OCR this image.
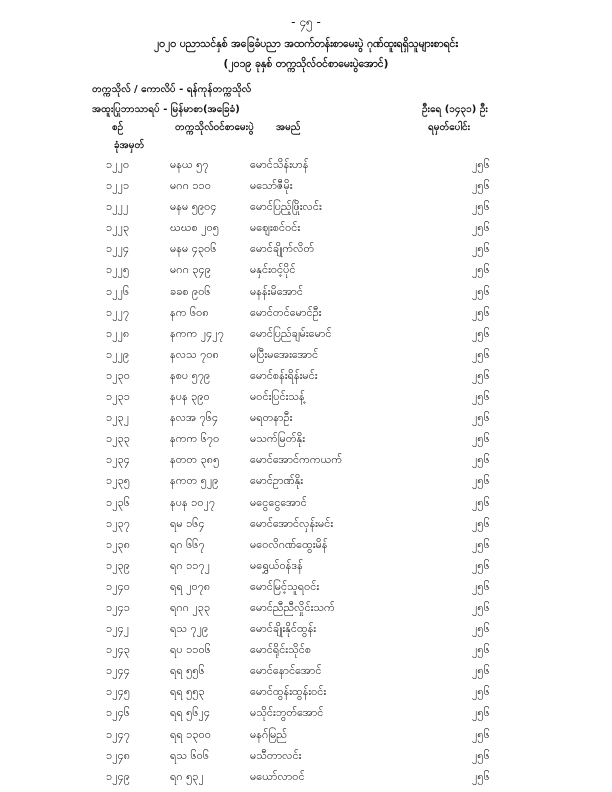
- ၄၅ -
၂၀၂၀ ပညာသင်နှစ် အခြေခံပညာ အထက်တန်းစာမေးပွဲ ဂုဏ်ထူးရရှိသူများစာရင်း
(၂၀၁၉ ခုနှစ် တက္ကသိုလ်ဝင်စာမေးပွဲအောင်)
တက္ကသိုလ် / ကောလိပ် - ရန်ကုန်တက္ကသိုလ်
အထူးပြုဘာသာရပ် - မြန်မာစာ(အခြေခံ)	ဦးရေ (၁၄၃၁) ဦး
စဉ်	တက္ကသိုလ်ဝင်စာမေးပွဲ အမည်	ရမှတ်ပေါင်း
ခုံအမှတ်
၁၂၂၀	မနယ ၅၇	မောင်သိန်းဟန်	၂၅၆
၁၂၂၁	မဂဂ ၁၁၀	မသော်ဇီမိုး	၂၅၆
၁၂၂၂	မနမ ၅၉၀၄	မောင်ပြည့်ဖြိုးလင်း	၂၅၆
၁၂၂၃	ဃဃစ ၂၀၅	မဈေးစင်ဝင်း	၂၅၆
၁၂၂၄	မနမ ၄၃၀၆	မောင်ချိုက်လိတ်	၂၅၆
၁၂၂၅	မဂဂ ၃၄၉	မနှင်းဝင့်ပိုင်	၂၅၆
၁၂၂၆	ခခစ ၉၀၆	မနန်းမိအောင်	၂၅၆
၁၂၂၇	နက ၆၀၈	မောင်တင်မောင်ဦး	၂၅၆
၁၂၂၈	နကက ၂၄၂၇ မောင်ပြည်ချမ်းမောင်	၂၅၆
၁၂၂၉	နလသ ၇၀၈	မပြီးမအေးအောင်	၂၅၆
၁၂၃၀	နစပ ၅၇၉	မောင်စန်းရိန်းမင်း	၂၅၆
၁၂၃၁	နပန ၃၉၀	မဝင်းပြင်းသန့်	၂၅၆
၁၂၃၂	နလအ ၇၆၄	မရတနာဦး	၂၅၆
၁၂၃၃	နကက ၆၇၀	မသက်မြတ်နိုး	၂၅၆
၁၂၃၄	နတတ ၃၈၅	မောင်အောင်ကကယက်	၂၅၆
၁၂၃၅	နကတ ၅၂၉	မောင်ဥာဏ်နိုး	၂၅၆
၁၂၃၆	နပန ၁၀၂၇	မငွေငွေအောင်	၂၅၆
၁၂၃၇	ရမ ၁၆၄	မောင်အောင်လှန်းမင်း	၂၅၆
၁၂၃၈	ရဂ ၆၆၇	မဝေလိဂဏ်ထွေးမိန်	၂၅၆
၁၂၃၉	ရဂ ၁၁၇၂	မရွှေယ်ဝန်ဒန်	၂၅၆
၁၂၄၀	ရရ ၂၀၇၈	မောင်မြင့်သူရဝင်း	၂၅၆
၁၂၄၁	ရဂဂ ၂၃၃	မောင်ညီညီလှိုင်းသက်	၂၅၆
၁၂၄၂	ရသ ၇၂၉	မောင်ချိုးနိုင်ထွန်း	၂၅၆
၁၂၄၃	ရပ ၁၁၀၆	မောင်ရိုင်းသိုင်စ	၂၅၆
၁၂၄၄	ရရ ၅၅၆	မောင်နောင်အောင်	၂၅၆
၁၂၄၅	ရရ ၅၅၃	မောင်ထွန်းထွန်းဝင်း	၂၅၆
၁၂၄၆	ရရ ၅၆၂၄	မသိုင်းဘွတ်အောင်	၂၅၆
၁၂၄၇	ရရ ၁၃၀၀	မနဂ်မြည်	၂၅၆
၁၂၄၈	ရသ ၆၀၆	မသီတာလင်း	၂၅၆
၁၂၄၉	ရဂ ၅၃၂	မယော်လာဝင်	၂၅၆
